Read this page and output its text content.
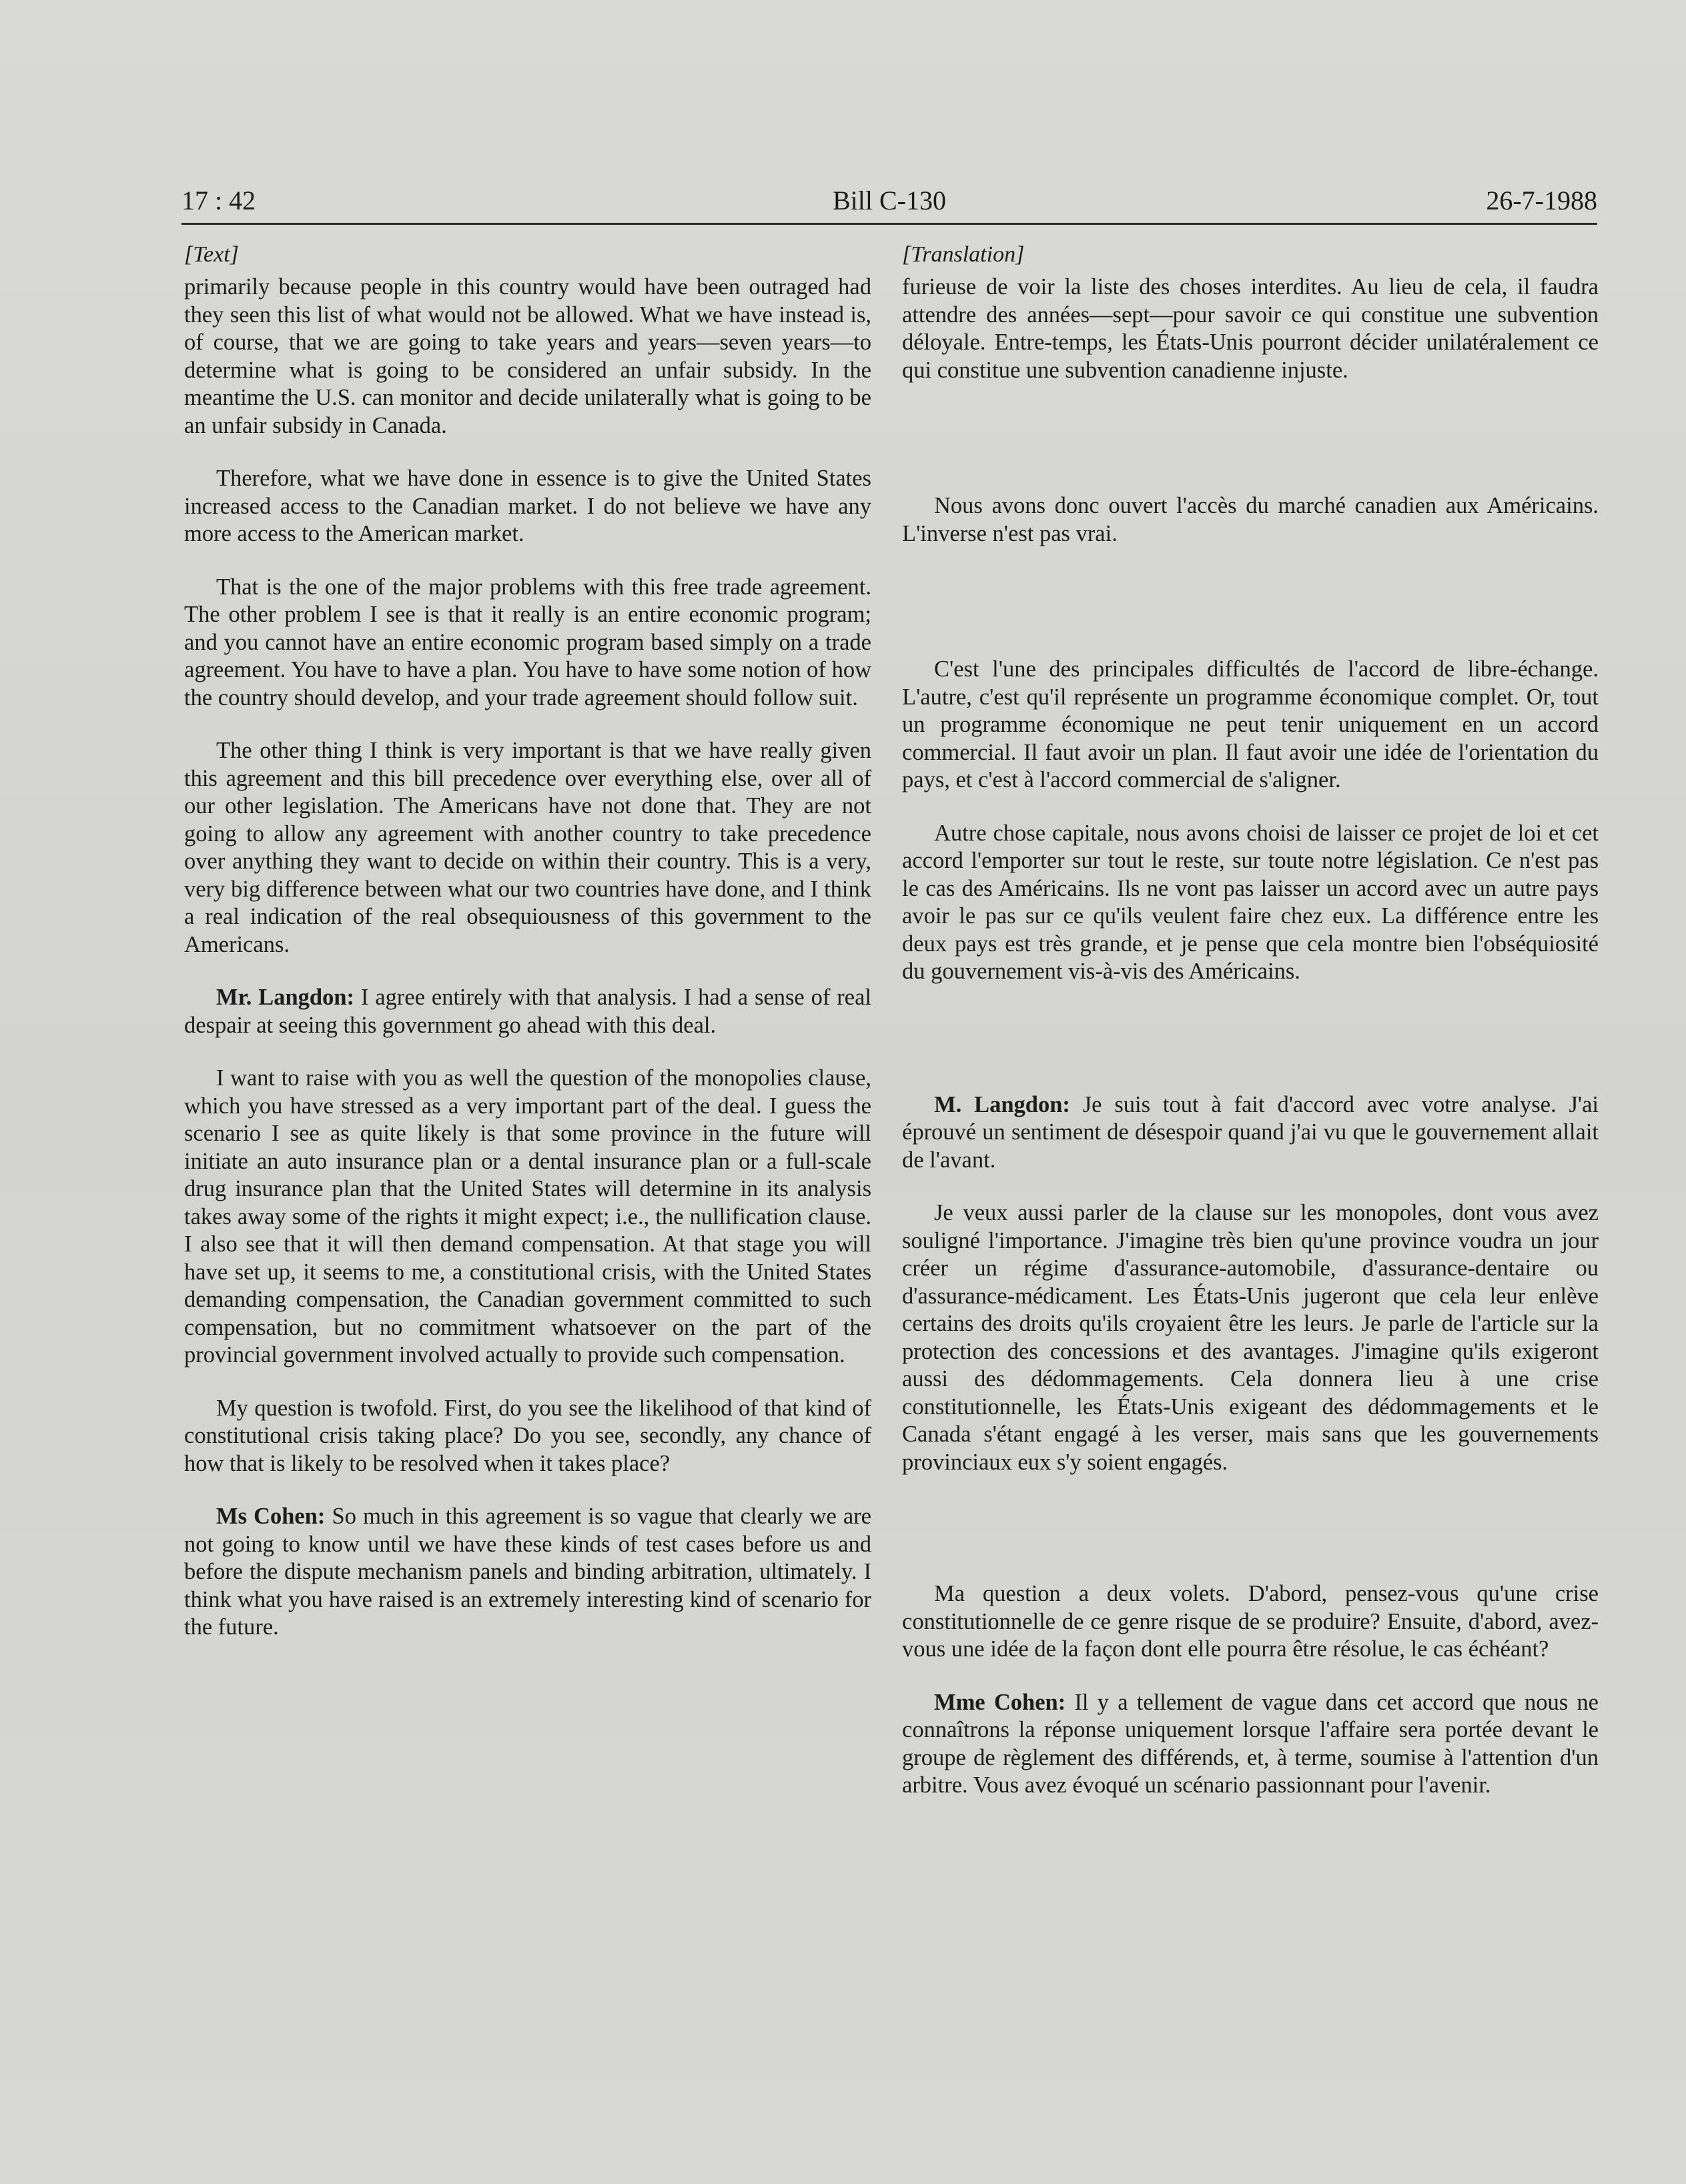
17 : 42	Bill C-130	26-7-1988
[Text]

primarily because people in this country would have been outraged had they seen this list of what would not be allowed. What we have instead is, of course, that we are going to take years and years—seven years—to determine what is going to be considered an unfair subsidy. In the meantime the U.S. can monitor and decide unilaterally what is going to be an unfair subsidy in Canada.

Therefore, what we have done in essence is to give the United States increased access to the Canadian market. I do not believe we have any more access to the American market.

That is the one of the major problems with this free trade agreement. The other problem I see is that it really is an entire economic program; and you cannot have an entire economic program based simply on a trade agreement. You have to have a plan. You have to have some notion of how the country should develop, and your trade agreement should follow suit.

The other thing I think is very important is that we have really given this agreement and this bill precedence over everything else, over all of our other legislation. The Americans have not done that. They are not going to allow any agreement with another country to take precedence over anything they want to decide on within their country. This is a very, very big difference between what our two countries have done, and I think a real indication of the real obsequiousness of this government to the Americans.

Mr. Langdon: I agree entirely with that analysis. I had a sense of real despair at seeing this government go ahead with this deal.

I want to raise with you as well the question of the monopolies clause, which you have stressed as a very important part of the deal. I guess the scenario I see as quite likely is that some province in the future will initiate an auto insurance plan or a dental insurance plan or a full-scale drug insurance plan that the United States will determine in its analysis takes away some of the rights it might expect; i.e., the nullification clause. I also see that it will then demand compensation. At that stage you will have set up, it seems to me, a constitutional crisis, with the United States demanding compensation, the Canadian government committed to such compensation, but no commitment whatsoever on the part of the provincial government involved actually to provide such compensation.

My question is twofold. First, do you see the likelihood of that kind of constitutional crisis taking place? Do you see, secondly, any chance of how that is likely to be resolved when it takes place?

Ms Cohen: So much in this agreement is so vague that clearly we are not going to know until we have these kinds of test cases before us and before the dispute mechanism panels and binding arbitration, ultimately. I think what you have raised is an extremely interesting kind of scenario for the future.

[Translation]

furieuse de voir la liste des choses interdites. Au lieu de cela, il faudra attendre des années—sept—pour savoir ce qui constitue une subvention déloyale. Entre-temps, les États-Unis pourront décider unilatéralement ce qui constitue une subvention canadienne injuste.

Nous avons donc ouvert l'accès du marché canadien aux Américains. L'inverse n'est pas vrai.

C'est l'une des principales difficultés de l'accord de libre-échange. L'autre, c'est qu'il représente un programme économique complet. Or, tout un programme économique ne peut tenir uniquement en un accord commercial. Il faut avoir un plan. Il faut avoir une idée de l'orientation du pays, et c'est à l'accord commercial de s'aligner.

Autre chose capitale, nous avons choisi de laisser ce projet de loi et cet accord l'emporter sur tout le reste, sur toute notre législation. Ce n'est pas le cas des Américains. Ils ne vont pas laisser un accord avec un autre pays avoir le pas sur ce qu'ils veulent faire chez eux. La différence entre les deux pays est très grande, et je pense que cela montre bien l'obséquiosité du gouvernement vis-à-vis des Américains.

M. Langdon: Je suis tout à fait d'accord avec votre analyse. J'ai éprouvé un sentiment de désespoir quand j'ai vu que le gouvernement allait de l'avant.

Je veux aussi parler de la clause sur les monopoles, dont vous avez souligné l'importance. J'imagine très bien qu'une province voudra un jour créer un régime d'assurance-automobile, d'assurance-dentaire ou d'assurance-médicament. Les États-Unis jugeront que cela leur enlève certains des droits qu'ils croyaient être les leurs. Je parle de l'article sur la protection des concessions et des avantages. J'imagine qu'ils exigeront aussi des dédommagements. Cela donnera lieu à une crise constitutionnelle, les États-Unis exigeant des dédommagements et le Canada s'étant engagé à les verser, mais sans que les gouvernements provinciaux eux s'y soient engagés.

Ma question a deux volets. D'abord, pensez-vous qu'une crise constitutionnelle de ce genre risque de se produire? Ensuite, d'abord, avez-vous une idée de la façon dont elle pourra être résolue, le cas échéant?

Mme Cohen: Il y a tellement de vague dans cet accord que nous ne connaîtrons la réponse uniquement lorsque l'affaire sera portée devant le groupe de règlement des différends, et, à terme, soumise à l'attention d'un arbitre. Vous avez évoqué un scénario passionnant pour l'avenir.
